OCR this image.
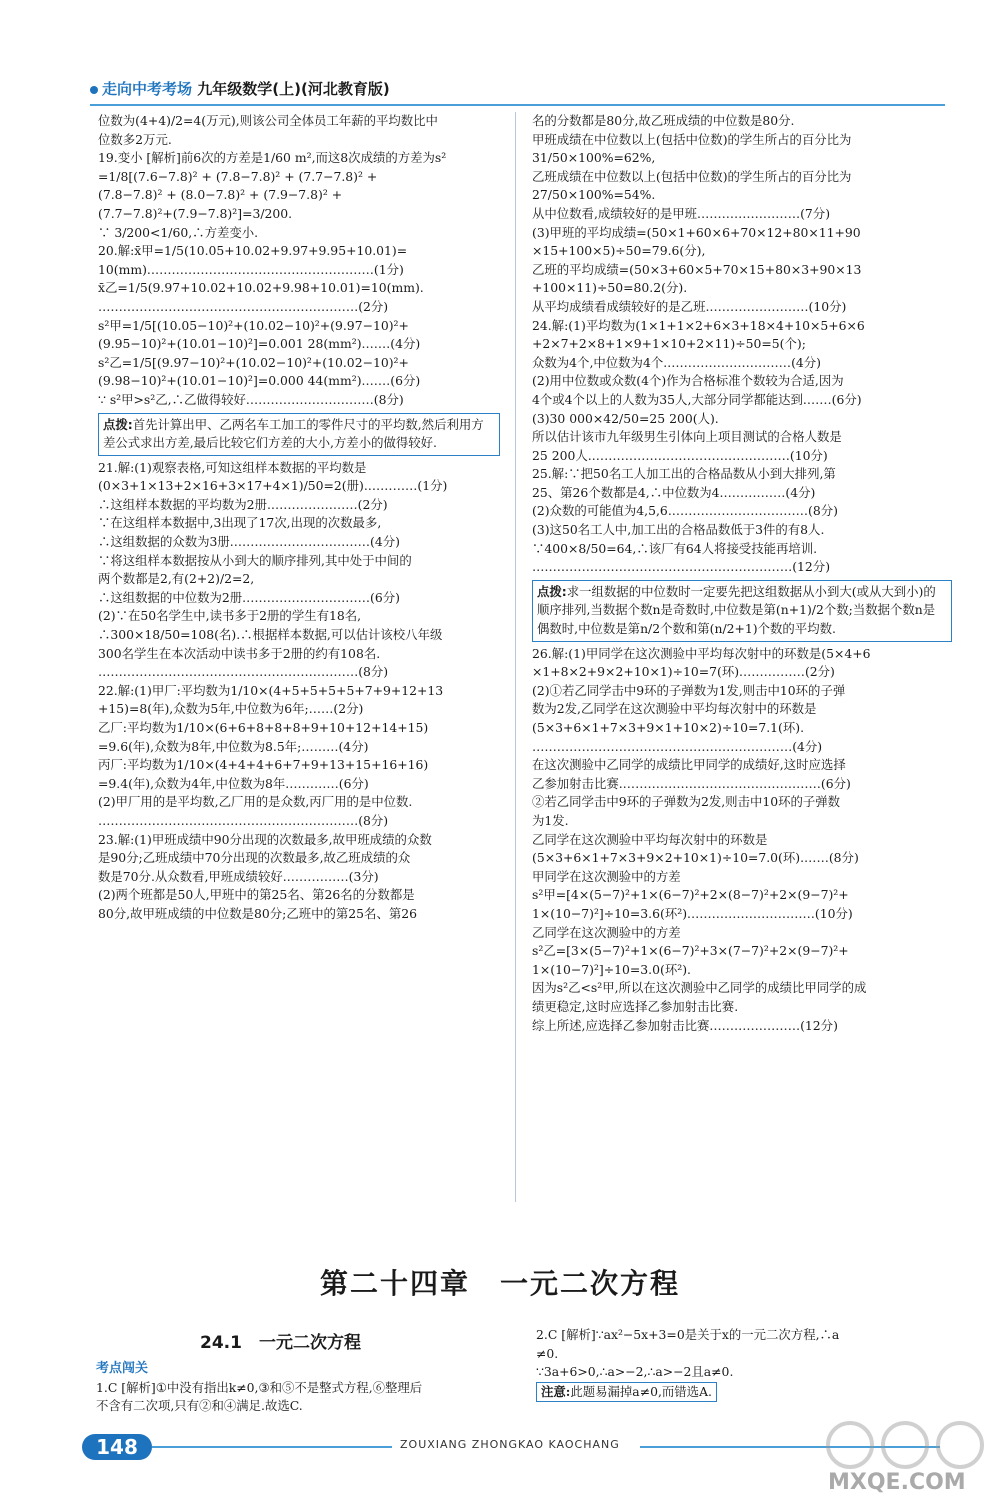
走向中考考场 九年级数学(上)(河北教育版)

位数为(4+4)/2=4(万元),则该公司全体员工年薪的平均数比中

位数多2万元.

19.变小 [解析]前6次的方差是1/60 m²,而这8次成绩的方差为s²

=1/8[(7.6−7.8)² + (7.8−7.8)² + (7.7−7.8)² +

(7.8−7.8)² + (8.0−7.8)² + (7.9−7.8)² +

(7.7−7.8)²+(7.9−7.8)²]=3/200.

∵ 3/200<1/60,∴方差变小.

20.解:x̄甲=1/5(10.05+10.02+9.97+9.95+10.01)=

10(mm).………………………………………………(1分)

x̄乙=1/5(9.97+10.02+10.02+9.98+10.01)=10(mm).

………………………………………………………(2分)

s²甲=1/5[(10.05−10)²+(10.02−10)²+(9.97−10)²+

(9.95−10)²+(10.01−10)²]=0.001 28(mm²).……(4分)

s²乙=1/5[(9.97−10)²+(10.02−10)²+(10.02−10)²+

(9.98−10)²+(10.01−10)²]=0.000 44(mm²).……(6分)

∵ s²甲>s²乙,∴乙做得较好.…………………………(8分)

点拨:首先计算出甲、乙两名车工加工的零件尺寸的平均数,然后利用方差公式求出方差,最后比较它们方差的大小,方差小的做得较好.

21.解:(1)观察表格,可知这组样本数据的平均数是

(0×3+1×13+2×16+3×17+4×1)/50=2(册).…………(1分)

∴这组样本数据的平均数为2册.…………………(2分)

∵在这组样本数据中,3出现了17次,出现的次数最多,

∴这组数据的众数为3册.……………………………(4分)

∵将这组样本数据按从小到大的顺序排列,其中处于中间的

两个数都是2,有(2+2)/2=2,

∴这组数据的中位数为2册.…………………………(6分)

(2)∵在50名学生中,读书多于2册的学生有18名,

∴300×18/50=108(名).∴根据样本数据,可以估计该校八年级

300名学生在本次活动中读书多于2册的约有108名.

………………………………………………………(8分)

22.解:(1)甲厂:平均数为1/10×(4+5+5+5+5+7+9+12+13

+15)=8(年),众数为5年,中位数为6年;……(2分)

乙厂:平均数为1/10×(6+6+8+8+8+9+10+12+14+15)

=9.6(年),众数为8年,中位数为8.5年;………(4分)

丙厂:平均数为1/10×(4+4+4+6+7+9+13+15+16+16)

=9.4(年),众数为4年,中位数为8年.…………(6分)

(2)甲厂用的是平均数,乙厂用的是众数,丙厂用的是中位数.

………………………………………………………(8分)

23.解:(1)甲班成绩中90分出现的次数最多,故甲班成绩的众数

是90分;乙班成绩中70分出现的次数最多,故乙班成绩的众

数是70分.从众数看,甲班成绩较好.……………(3分)

(2)两个班都是50人,甲班中的第25名、第26名的分数都是

80分,故甲班成绩的中位数是80分;乙班中的第25名、第26

名的分数都是80分,故乙班成绩的中位数是80分.

甲班成绩在中位数以上(包括中位数)的学生所占的百分比为

31/50×100%=62%,

乙班成绩在中位数以上(包括中位数)的学生所占的百分比为

27/50×100%=54%.

从中位数看,成绩较好的是甲班.……………………(7分)

(3)甲班的平均成绩=(50×1+60×6+70×12+80×11+90

×15+100×5)÷50=79.6(分),

乙班的平均成绩=(50×3+60×5+70×15+80×3+90×13

+100×11)÷50=80.2(分).

从平均成绩看成绩较好的是乙班.……………………(10分)

24.解:(1)平均数为(1×1+1×2+6×3+18×4+10×5+6×6

+2×7+2×8+1×9+1×10+2×11)÷50=5(个);

众数为4个,中位数为4个.…………………………(4分)

(2)用中位数或众数(4个)作为合格标准个数较为合适,因为

4个或4个以上的人数为35人,大部分同学都能达到.……(6分)

(3)30 000×42/50=25 200(人).

所以估计该市九年级男生引体向上项目测试的合格人数是

25 200人.…………………………………………(10分)

25.解:∵把50名工人加工出的合格品数从小到大排列,第

25、第26个数都是4,∴中位数为4.……………(4分)

(2)众数的可能值为4,5,6.……………………………(8分)

(3)这50名工人中,加工出的合格品数低于3件的有8人.

∵400×8/50=64,∴该厂有64人将接受技能再培训.

………………………………………………………(12分)

点拨:求一组数据的中位数时一定要先把这组数据从小到大(或从大到小)的顺序排列,当数据个数n是奇数时,中位数是第(n+1)/2个数;当数据个数n是偶数时,中位数是第n/2个数和第(n/2+1)个数的平均数.

26.解:(1)甲同学在这次测验中平均每次射中的环数是(5×4+6

×1+8×2+9×2+10×1)÷10=7(环).……………(2分)

(2)①若乙同学击中9环的子弹数为1发,则击中10环的子弹

数为2发,乙同学在这次测验中平均每次射中的环数是

(5×3+6×1+7×3+9×1+10×2)÷10=7.1(环).

………………………………………………………(4分)

在这次测验中乙同学的成绩比甲同学的成绩好,这时应选择

乙参加射击比赛.…………………………………………(6分)

②若乙同学击中9环的子弹数为2发,则击中10环的子弹数

为1发.

乙同学在这次测验中平均每次射中的环数是

(5×3+6×1+7×3+9×2+10×1)÷10=7.0(环).……(8分)

甲同学在这次测验中的方差

s²甲=[4×(5−7)²+1×(6−7)²+2×(8−7)²+2×(9−7)²+

1×(10−7)²]÷10=3.6(环²).…………………………(10分)

乙同学在这次测验中的方差

s²乙=[3×(5−7)²+1×(6−7)²+3×(7−7)²+2×(9−7)²+

1×(10−7)²]÷10=3.0(环²).

因为s²乙<s²甲,所以在这次测验中乙同学的成绩比甲同学的成

绩更稳定,这时应选择乙参加射击比赛.

综上所述,应选择乙参加射击比赛.…………………(12分)

第二十四章　一元二次方程
24.1　一元二次方程
考点闯关

1.C [解析]①中没有指出k≠0,③和⑤不是整式方程,⑥整理后

不含有二次项,只有②和④满足.故选C.

2.C [解析]∵ax²−5x+3=0是关于x的一元二次方程,∴a

≠0.

∵3a+6>0,∴a>−2,∴a>−2且a≠0.

注意:此题易漏掉a≠0,而错选A.
148	ZOUXIANG ZHONGKAO KAOCHANG
MXQE.COM
